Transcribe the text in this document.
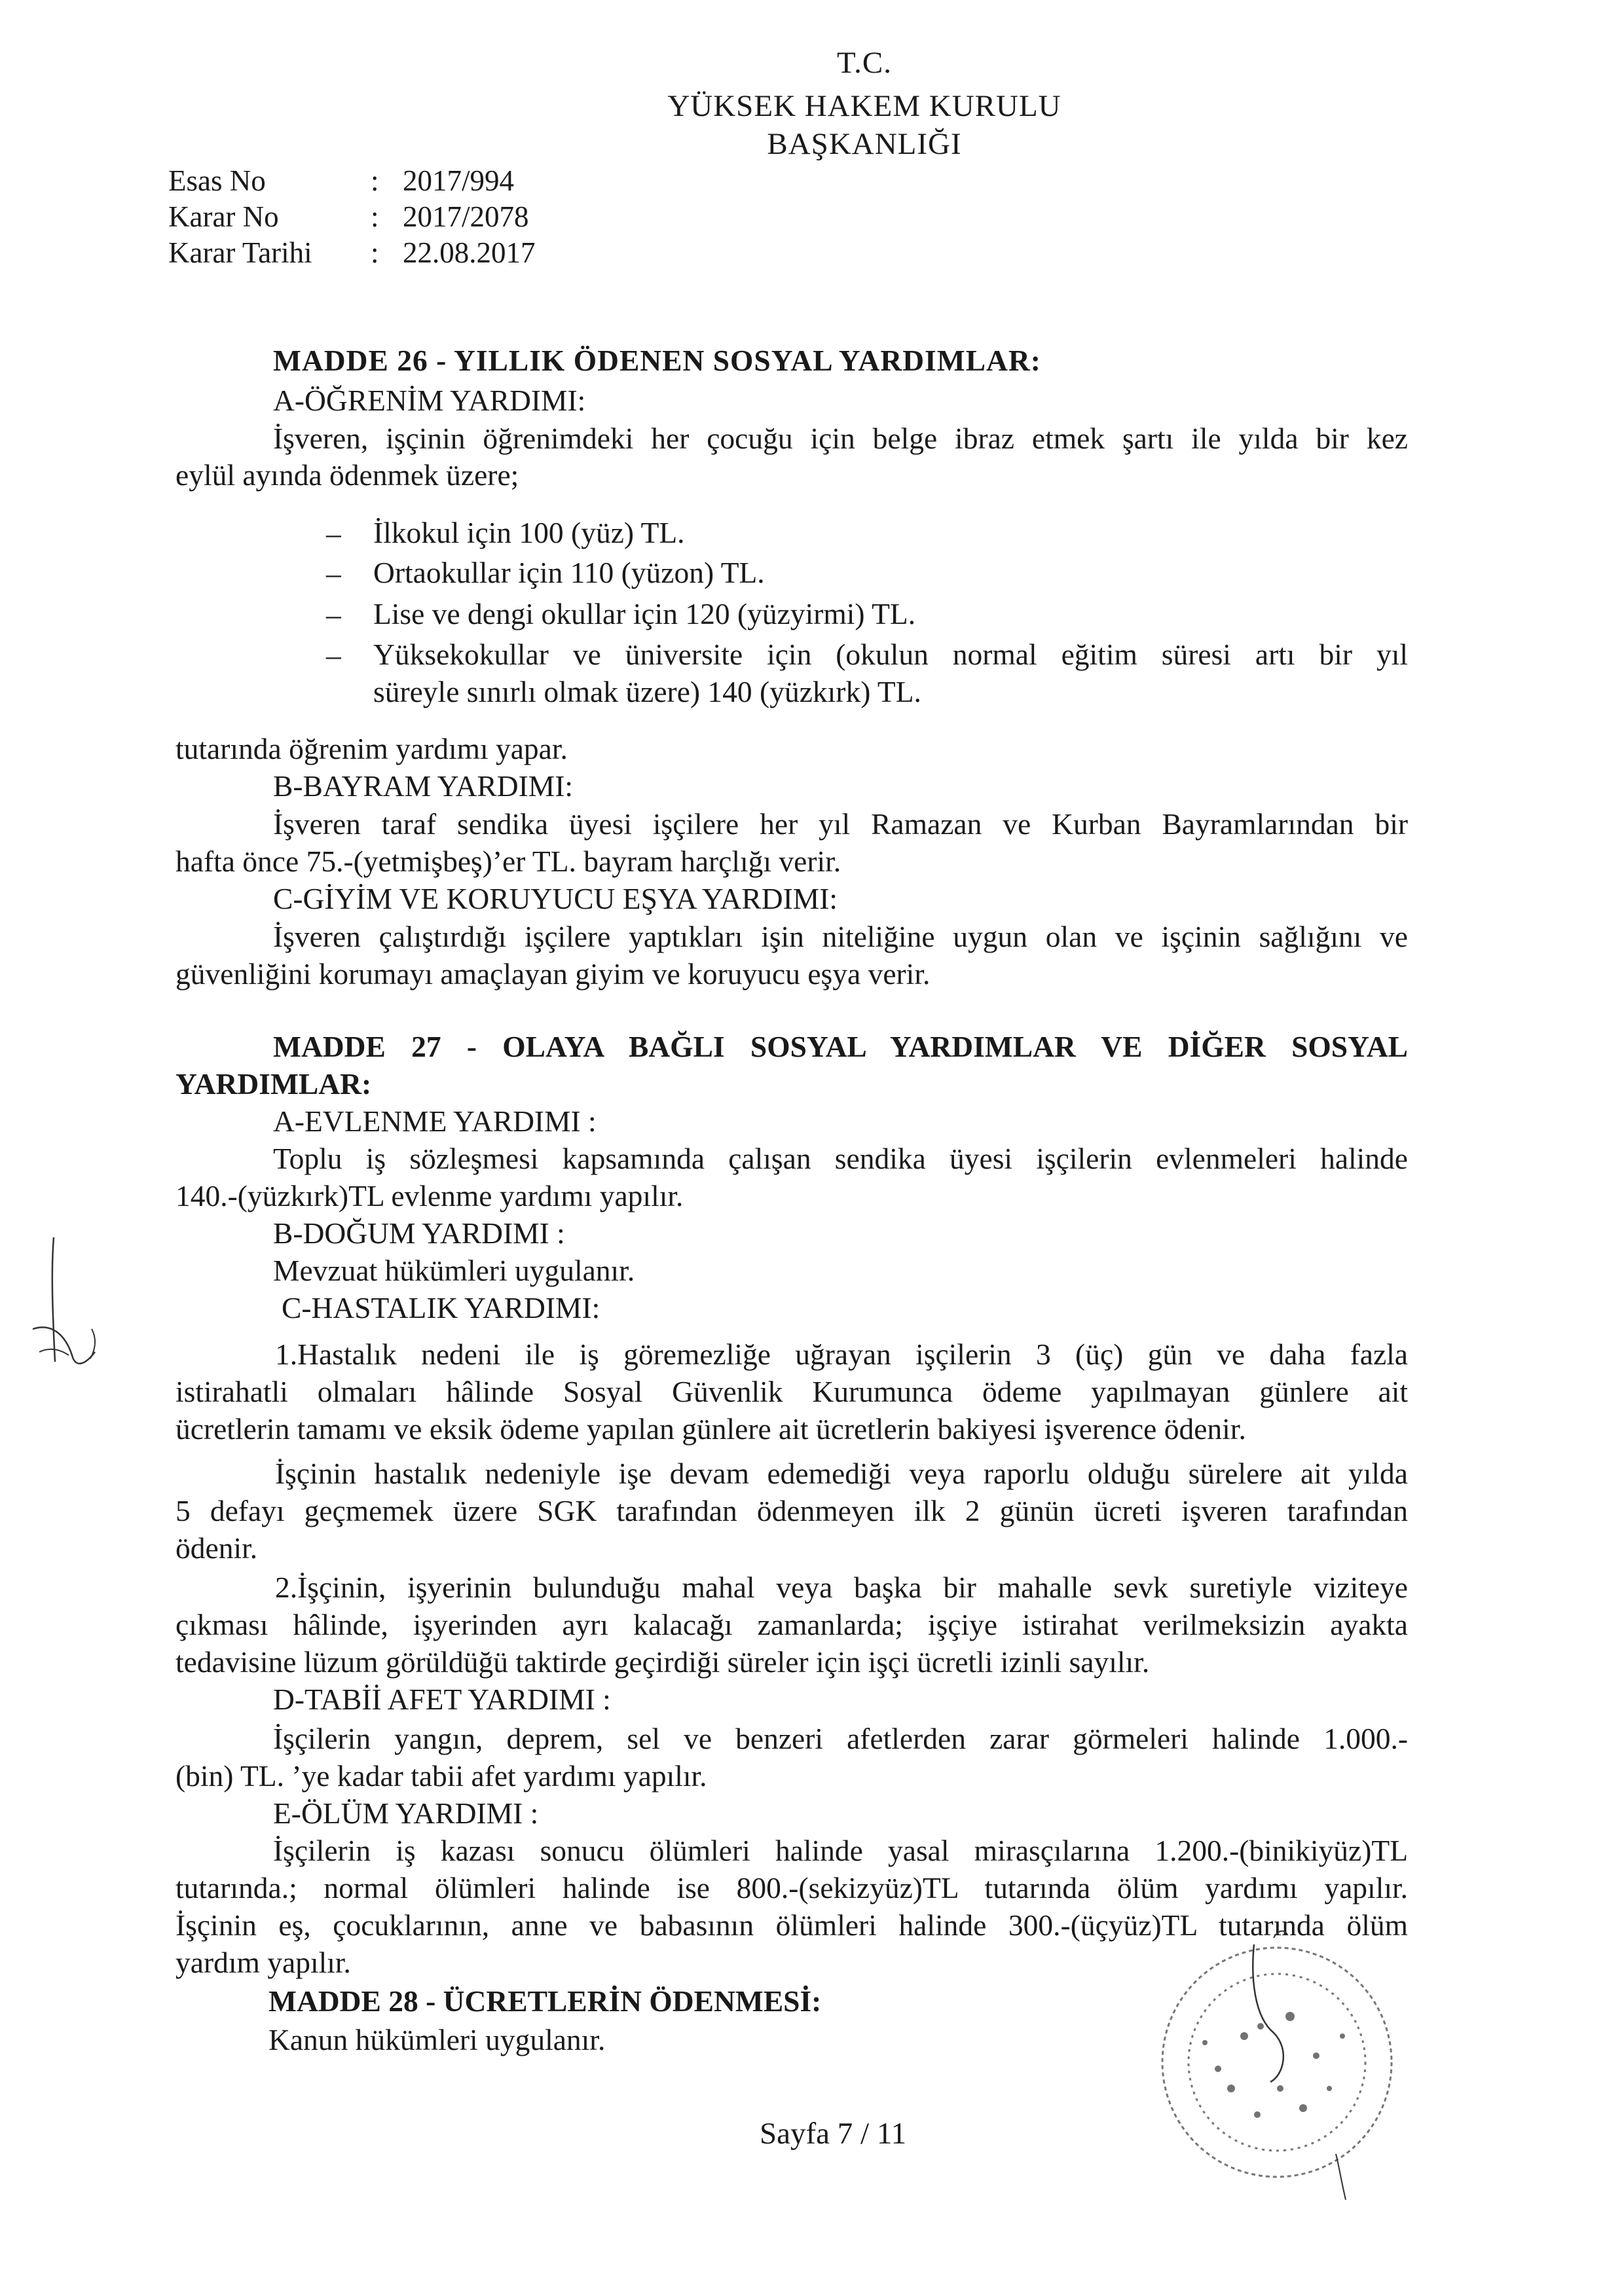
T.C.
YÜKSEK HAKEM KURULU
BAŞKANLIĞI
Esas No	: 2017/994
Karar No	: 2017/2078
Karar Tarihi : 22.08.2017
MADDE 26 - YILLIK ÖDENEN SOSYAL YARDIMLAR:
A-ÖĞRENİM YARDIMI:
İşveren, işçinin öğrenimdeki her çocuğu için belge ibraz etmek şartı ile yılda bir kez
eylül ayında ödenmek üzere;
– İlkokul için 100 (yüz) TL.
– Ortaokullar için 110 (yüzon) TL.
– Lise ve dengi okullar için 120 (yüzyirmi) TL.
– Yüksekokullar ve üniversite için (okulun normal eğitim süresi artı bir yıl
süreyle sınırlı olmak üzere) 140 (yüzkırk) TL.
tutarında öğrenim yardımı yapar.
B-BAYRAM YARDIMI:
İşveren taraf sendika üyesi işçilere her yıl Ramazan ve Kurban Bayramlarından bir
hafta önce 75.-(yetmişbeş)’er TL. bayram harçlığı verir.
C-GİYİM VE KORUYUCU EŞYA YARDIMI:
İşveren çalıştırdığı işçilere yaptıkları işin niteliğine uygun olan ve işçinin sağlığını ve
güvenliğini korumayı amaçlayan giyim ve koruyucu eşya verir.
MADDE 27 - OLAYA BAĞLI SOSYAL YARDIMLAR VE DİĞER SOSYAL
YARDIMLAR:
A-EVLENME YARDIMI :
Toplu iş sözleşmesi kapsamında çalışan sendika üyesi işçilerin evlenmeleri halinde
140.-(yüzkırk)TL evlenme yardımı yapılır.
B-DOĞUM YARDIMI :
Mevzuat hükümleri uygulanır.
C-HASTALIK YARDIMI:
1.Hastalık nedeni ile iş göremezliğe uğrayan işçilerin 3 (üç) gün ve daha fazla
istirahatli olmaları hâlinde Sosyal Güvenlik Kurumunca ödeme yapılmayan günlere ait
ücretlerin tamamı ve eksik ödeme yapılan günlere ait ücretlerin bakiyesi işverence ödenir.
İşçinin hastalık nedeniyle işe devam edemediği veya raporlu olduğu sürelere ait yılda
5 defayı geçmemek üzere SGK tarafından ödenmeyen ilk 2 günün ücreti işveren tarafından
ödenir.
2.İşçinin, işyerinin bulunduğu mahal veya başka bir mahalle sevk suretiyle viziteye
çıkması hâlinde, işyerinden ayrı kalacağı zamanlarda; işçiye istirahat verilmeksizin ayakta
tedavisine lüzum görüldüğü taktirde geçirdiği süreler için işçi ücretli izinli sayılır.
D-TABİİ AFET YARDIMI :
İşçilerin yangın, deprem, sel ve benzeri afetlerden zarar görmeleri halinde 1.000.-
(bin) TL. ’ye kadar tabii afet yardımı yapılır.
E-ÖLÜM YARDIMI :
İşçilerin iş kazası sonucu ölümleri halinde yasal mirasçılarına 1.200.-(binikiyüz)TL
tutarında.; normal ölümleri halinde ise 800.-(sekizyüz)TL tutarında ölüm yardımı yapılır.
İşçinin eş, çocuklarının, anne ve babasının ölümleri halinde 300.-(üçyüz)TL tutarında ölüm
yardım yapılır.
MADDE 28 - ÜCRETLERİN ÖDENMESİ:
Kanun hükümleri uygulanır.
Sayfa 7 / 11
